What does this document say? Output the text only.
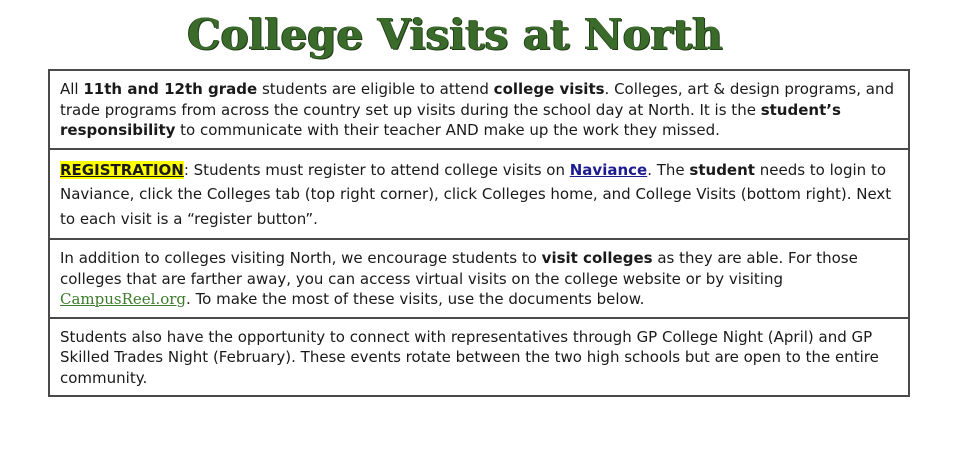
College Visits at North
All 11th and 12th grade students are eligible to attend college visits. Colleges, art & design programs, and trade programs from across the country set up visits during the school day at North. It is the student’s responsibility to communicate with their teacher AND make up the work they missed.
REGISTRATION: Students must register to attend college visits on Naviance. The student needs to login to Naviance, click the Colleges tab (top right corner), click Colleges home, and College Visits (bottom right). Next to each visit is a “register button”.
In addition to colleges visiting North, we encourage students to visit colleges as they are able. For those colleges that are farther away, you can access virtual visits on the college website or by visiting CampusReel.org. To make the most of these visits, use the documents below.
Students also have the opportunity to connect with representatives through GP College Night (April) and GP Skilled Trades Night (February). These events rotate between the two high schools but are open to the entire community.
